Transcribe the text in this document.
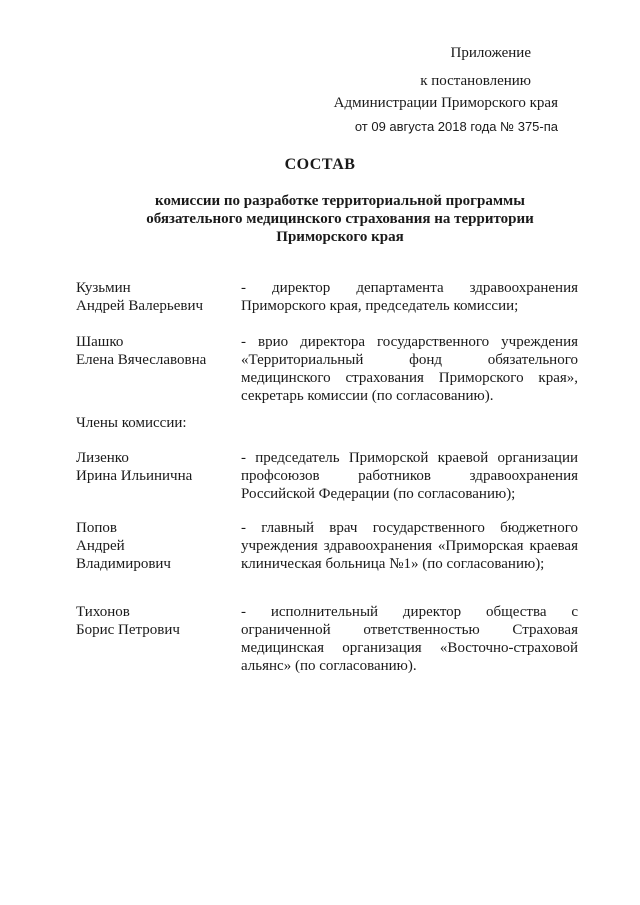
Приложение
к постановлению
Администрации Приморского края
от 09 августа 2018 года № 375-па
СОСТАВ
комиссии по разработке территориальной программы
обязательного медицинского страхования на территории
Приморского края
Кузьмин
Андрей Валерьевич
- директор департамента здравоохранения Приморского края, председатель комиссии;
Шашко
Елена Вячеславовна
- врио директора государственного учреждения «Территориальный фонд обязательного медицинского страхования Приморского края», секретарь комиссии (по согласованию).
Члены комиссии:
Лизенко
Ирина Ильинична
- председатель Приморской краевой организации профсоюзов работников здравоохранения Российской Федерации (по согласованию);
Попов
Андрей
Владимирович
- главный врач государственного бюджетного учреждения здравоохранения «Приморская краевая клиническая больница №1» (по согласованию);
Тихонов
Борис Петрович
- исполнительный директор общества с ограниченной ответственностью Страховая медицинская организация «Восточно-страховой альянс» (по согласованию).
